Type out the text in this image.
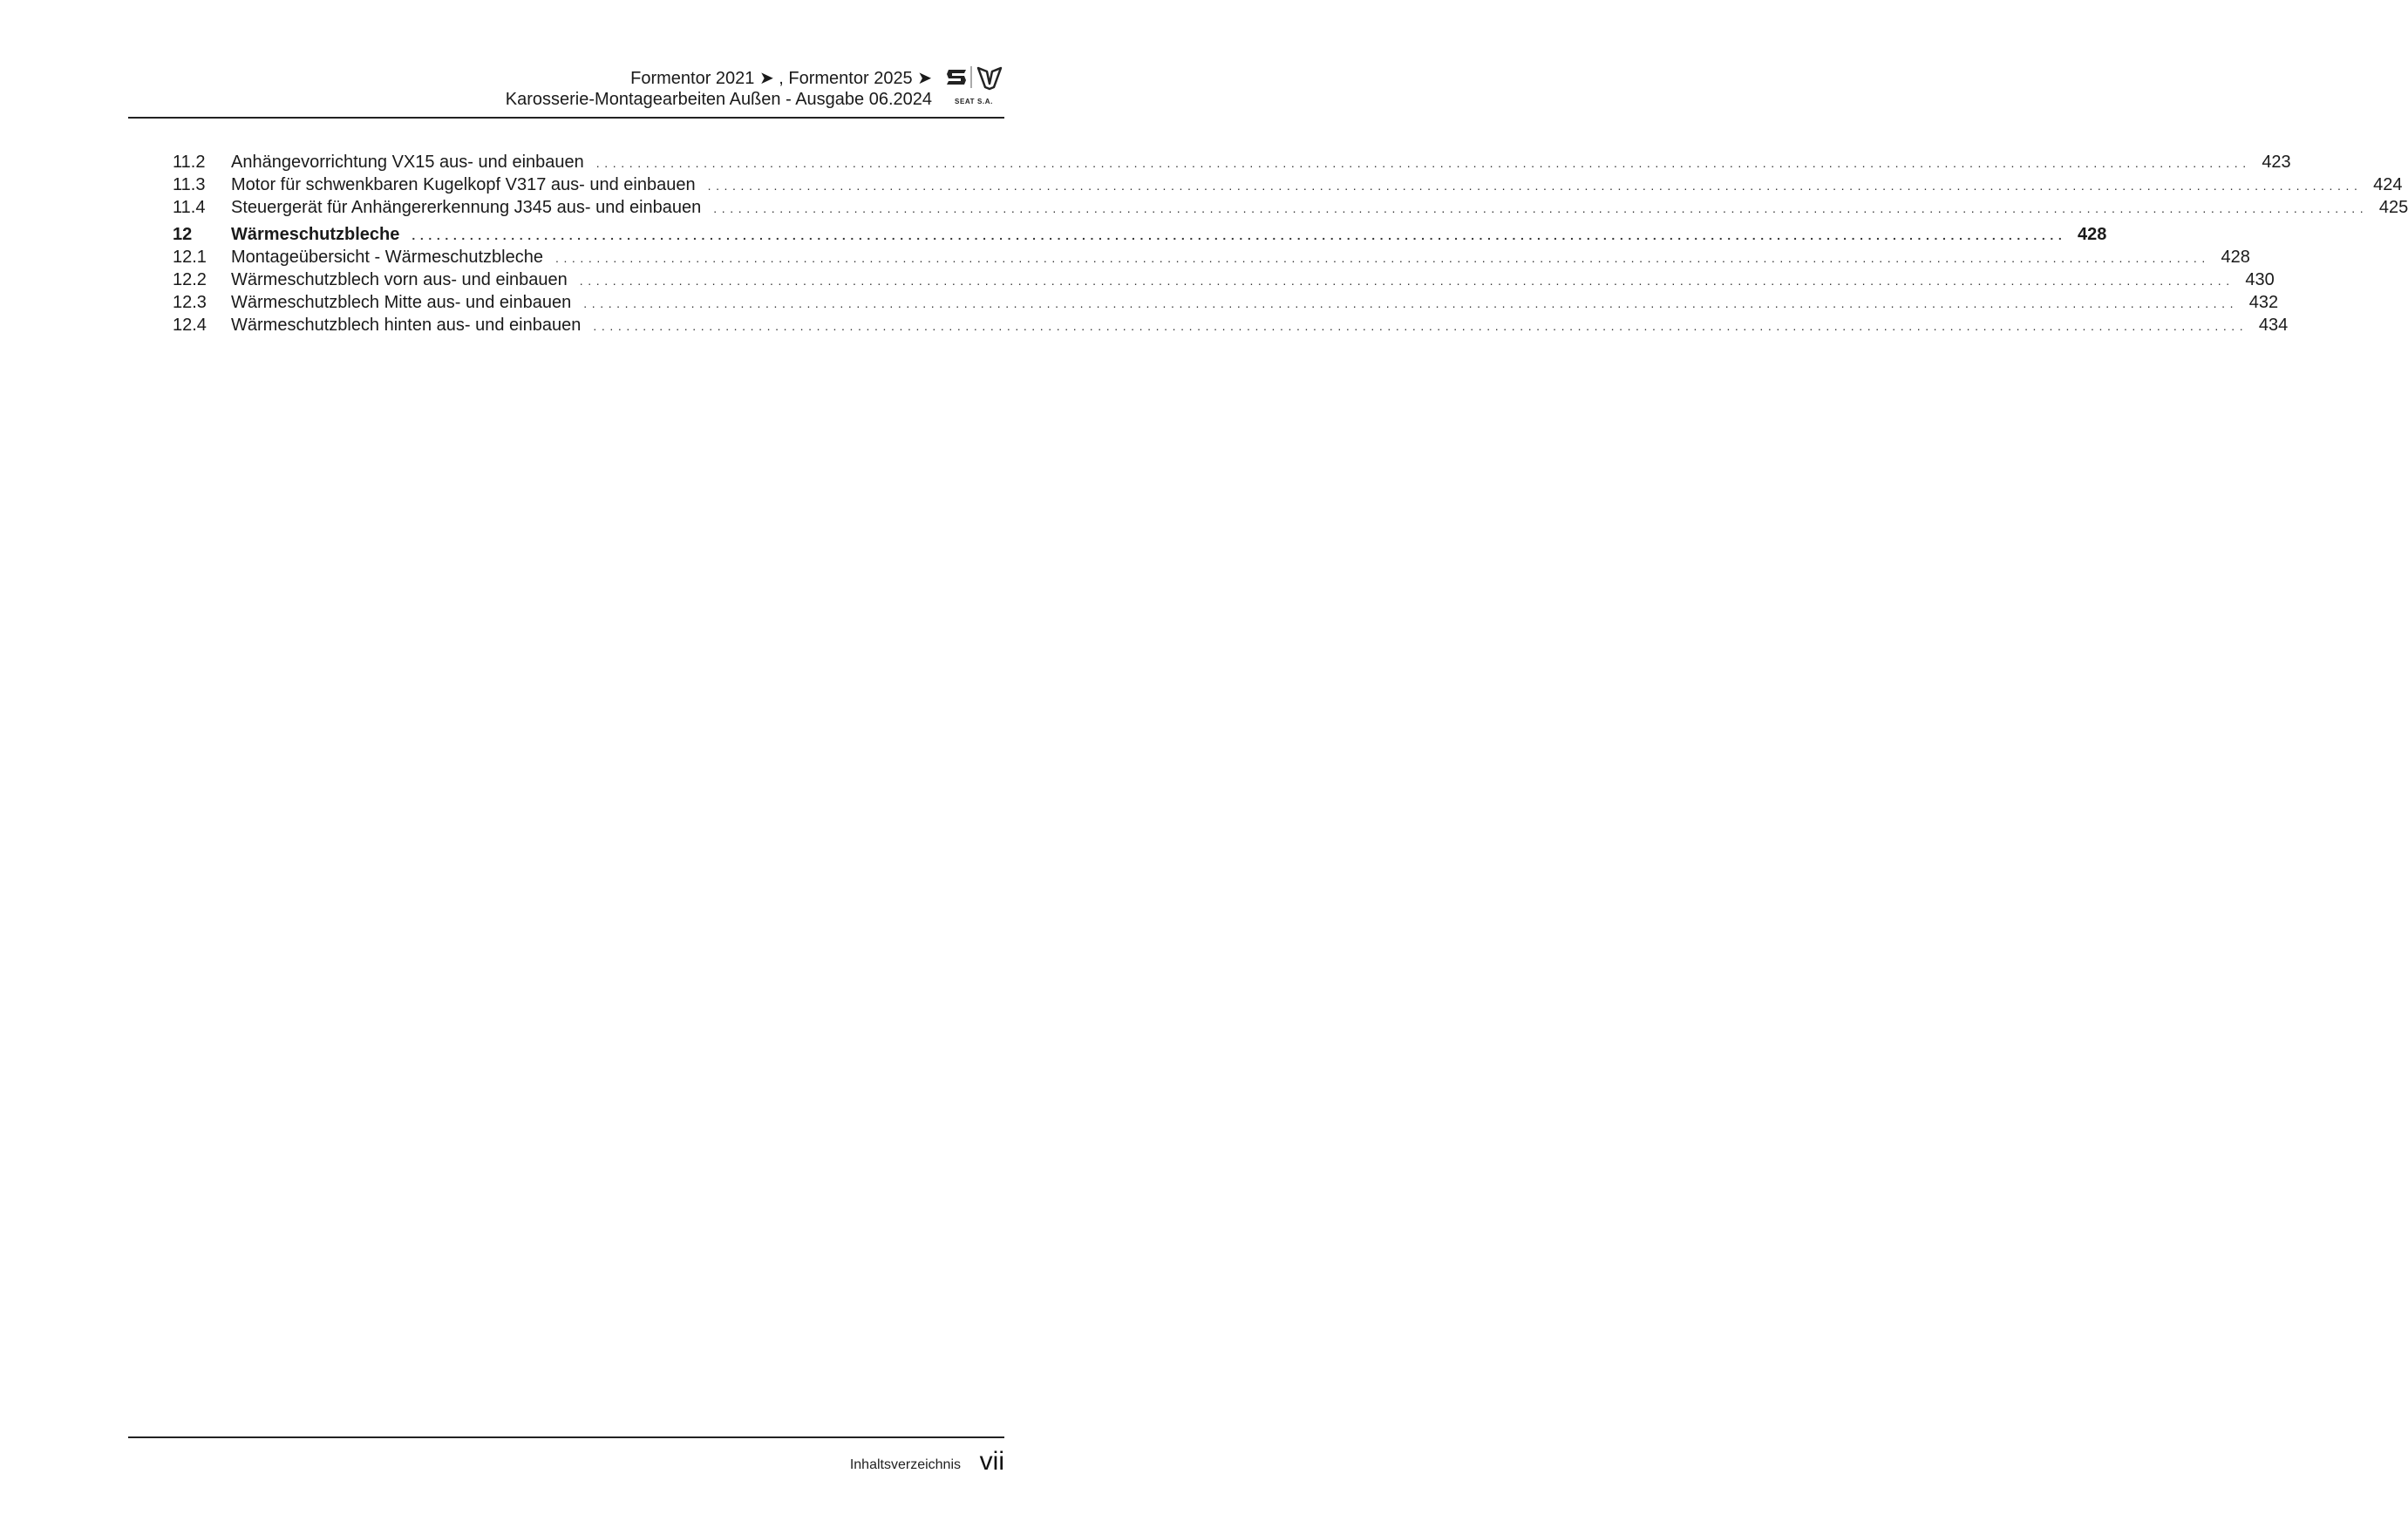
Formentor 2021 ➤ , Formentor 2025 ➤
Karosserie-Montagearbeiten Außen - Ausgabe 06.2024	SEAT S.A.
11.2	Anhängevorrichtung VX15 aus- und einbauen	........................................................................................................................................................................................................ 423
11.3	Motor für schwenkbaren Kugelkopf V317 aus- und einbauen	........................................................................................................................................................................................................ 424
11.4	Steuergerät für Anhängererkennung J345 aus- und einbauen	........................................................................................................................................................................................................ 425
12	Wärmeschutzbleche	........................................................................................................................................................................................................ 428
12.1	Montageübersicht - Wärmeschutzbleche	........................................................................................................................................................................................................ 428
12.2	Wärmeschutzblech vorn aus- und einbauen	........................................................................................................................................................................................................ 430
12.3	Wärmeschutzblech Mitte aus- und einbauen	........................................................................................................................................................................................................ 432
12.4	Wärmeschutzblech hinten aus- und einbauen	........................................................................................................................................................................................................ 434
Inhaltsverzeichnis vii
